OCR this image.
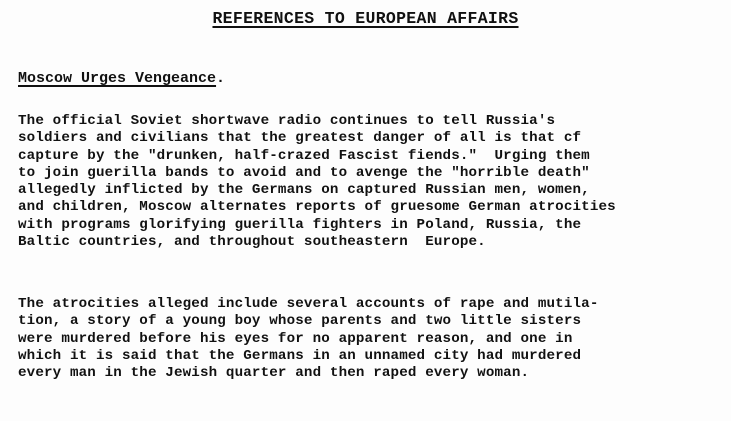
REFERENCES TO EUROPEAN AFFAIRS

Moscow Urges Vengeance.

The official Soviet shortwave radio continues to tell Russia's
soldiers and civilians that the greatest danger of all is that cf
capture by the "drunken, half-crazed Fascist fiends."  Urging them
to join guerilla bands to avoid and to avenge the "horrible death"
allegedly inflicted by the Germans on captured Russian men, women,
and children, Moscow alternates reports of gruesome German atrocities
with programs glorifying guerilla fighters in Poland, Russia, the
Baltic countries, and throughout southeastern  Europe.

The atrocities alleged include several accounts of rape and mutila-
tion, a story of a young boy whose parents and two little sisters
were murdered before his eyes for no apparent reason, and one in
which it is said that the Germans in an unnamed city had murdered
every man in the Jewish quarter and then raped every woman.
